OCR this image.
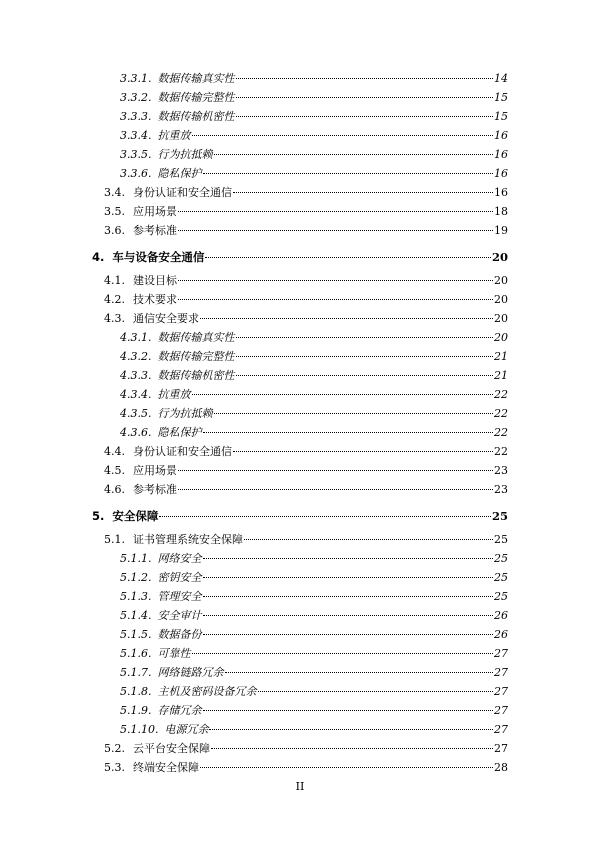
3.3.1. 数据传输真实性	14
3.3.2. 数据传输完整性	15
3.3.3. 数据传输机密性	15
3.3.4. 抗重放	16
3.3.5. 行为抗抵赖	16
3.3.6. 隐私保护	16
3.4. 身份认证和安全通信	16
3.5. 应用场景	18
3.6. 参考标准	19
4. 车与设备安全通信	20
4.1. 建设目标	20
4.2. 技术要求	20
4.3. 通信安全要求	20
4.3.1. 数据传输真实性	20
4.3.2. 数据传输完整性	21
4.3.3. 数据传输机密性	21
4.3.4. 抗重放	22
4.3.5. 行为抗抵赖	22
4.3.6. 隐私保护	22
4.4. 身份认证和安全通信	22
4.5. 应用场景	23
4.6. 参考标准	23
5. 安全保障	25
5.1. 证书管理系统安全保障	25
5.1.1. 网络安全	25
5.1.2. 密钥安全	25
5.1.3. 管理安全	25
5.1.4. 安全审计	26
5.1.5. 数据备份	26
5.1.6. 可靠性	27
5.1.7. 网络链路冗余	27
5.1.8. 主机及密码设备冗余	27
5.1.9. 存储冗余	27
5.1.10. 电源冗余	27
5.2. 云平台安全保障	27
5.3. 终端安全保障	28
II
